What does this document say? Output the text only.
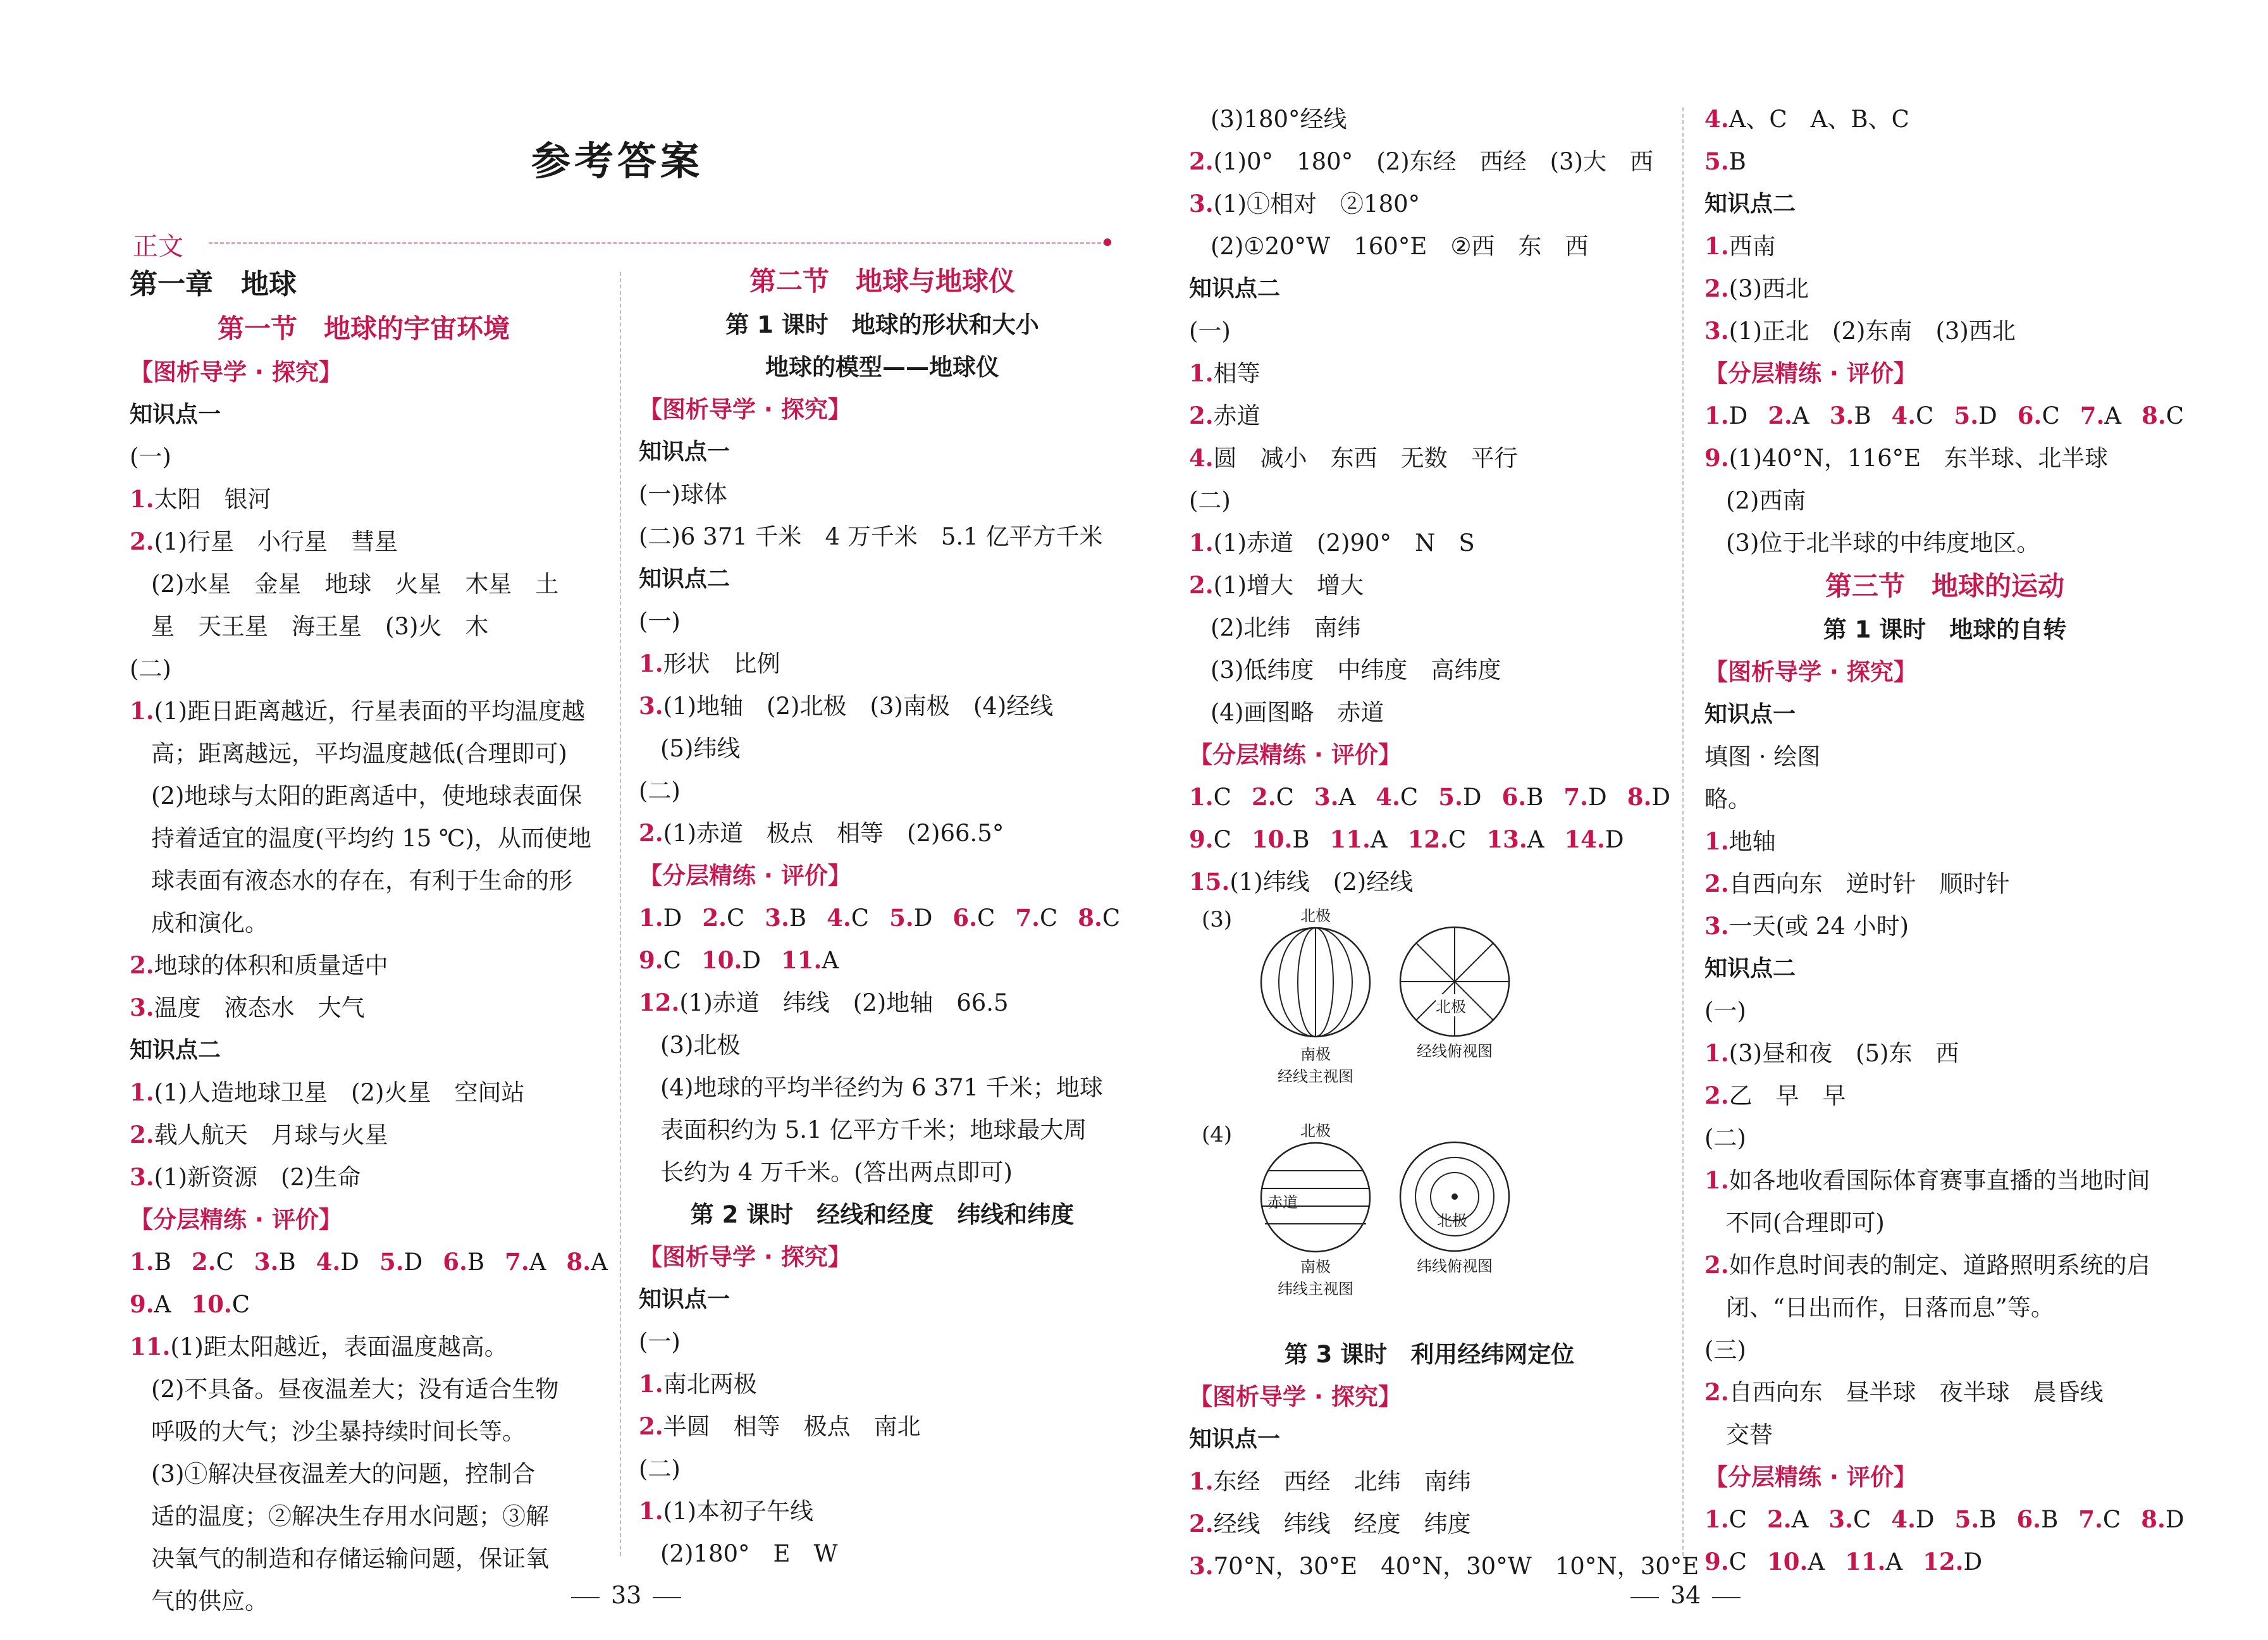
参考答案
正文
第一章　地球
第一节　地球的宇宙环境
【图析导学 · 探究】
知识点一
(一)
1.太阳　银河
2.(1)行星　小行星　彗星
(2)水星　金星　地球　火星　木星　土
星　天王星　海王星　(3)火　木
(二)
1.(1)距日距离越近，行星表面的平均温度越
高；距离越远，平均温度越低(合理即可)
(2)地球与太阳的距离适中，使地球表面保
持着适宜的温度(平均约 15 ℃)，从而使地
球表面有液态水的存在，有利于生命的形
成和演化。
2.地球的体积和质量适中
3.温度　液态水　大气
知识点二
1.(1)人造地球卫星　(2)火星　空间站
2.载人航天　月球与火星
3.(1)新资源　(2)生命
【分层精练 · 评价】
1.B 2.C 3.B 4.D 5.D 6.B 7.A 8.A
9.A 10.C
11.(1)距太阳越近，表面温度越高。
(2)不具备。昼夜温差大；没有适合生物
呼吸的大气；沙尘暴持续时间长等。
(3)①解决昼夜温差大的问题，控制合
适的温度；②解决生存用水问题；③解
决氧气的制造和存储运输问题，保证氧
气的供应。
第二节　地球与地球仪
第 1 课时　地球的形状和大小
地球的模型——地球仪
【图析导学 · 探究】
知识点一
(一)球体
(二)6 371 千米　4 万千米　5.1 亿平方千米
知识点二
(一)
1.形状　比例
3.(1)地轴　(2)北极　(3)南极　(4)经线
(5)纬线
(二)
2.(1)赤道　极点　相等　(2)66.5°
【分层精练 · 评价】
1.D 2.C 3.B 4.C 5.D 6.C 7.C 8.C
9.C 10.D 11.A
12.(1)赤道　纬线　(2)地轴　66.5
(3)北极
(4)地球的平均半径约为 6 371 千米；地球
表面积约为 5.1 亿平方千米；地球最大周
长约为 4 万千米。(答出两点即可)
第 2 课时　经线和经度　纬线和纬度
【图析导学 · 探究】
知识点一
(一)
1.南北两极
2.半圆　相等　极点　南北
(二)
1.(1)本初子午线
(2)180°　E　W
(3)180°经线
2.(1)0°　180°　(2)东经　西经　(3)大　西
3.(1)①相对　②180°
(2)①20°W　160°E　②西　东　西
知识点二
(一)
1.相等
2.赤道
4.圆　减小　东西　无数　平行
(二)
1.(1)赤道　(2)90°　N　S
2.(1)增大　增大
(2)北纬　南纬
(3)低纬度　中纬度　高纬度
(4)画图略　赤道
【分层精练 · 评价】
1.C 2.C 3.A 4.C 5.D 6.B 7.D 8.D
9.C 10.B 11.A 12.C 13.A 14.D
15.(1)纬线　(2)经线
(3)	北极
南极
经线主视图
北极
经线俯视图
(4)	北极
赤道
南极
纬线主视图
北极
纬线俯视图
第 3 课时　利用经纬网定位
【图析导学 · 探究】
知识点一
1.东经　西经　北纬　南纬
2.经线　纬线　经度　纬度
3.70°N，30°E　40°N，30°W　10°N，30°E
4.A、C　A、B、C
5.B
知识点二
1.西南
2.(3)西北
3.(1)正北　(2)东南　(3)西北
【分层精练 · 评价】
1.D 2.A 3.B 4.C 5.D 6.C 7.A 8.C
9.(1)40°N，116°E　东半球、北半球
(2)西南
(3)位于北半球的中纬度地区。
第三节　地球的运动
第 1 课时　地球的自转
【图析导学 · 探究】
知识点一
填图 · 绘图
略。
1.地轴
2.自西向东　逆时针　顺时针
3.一天(或 24 小时)
知识点二
(一)
1.(3)昼和夜　(5)东　西
2.乙　早　早
(二)
1.如各地收看国际体育赛事直播的当地时间
不同(合理即可)
2.如作息时间表的制定、道路照明系统的启
闭、“日出而作，日落而息”等。
(三)
2.自西向东　昼半球　夜半球　晨昏线
交替
【分层精练 · 评价】
1.C 2.A 3.C 4.D 5.B 6.B 7.C 8.D
9.C 10.A 11.A 12.D
33	34
